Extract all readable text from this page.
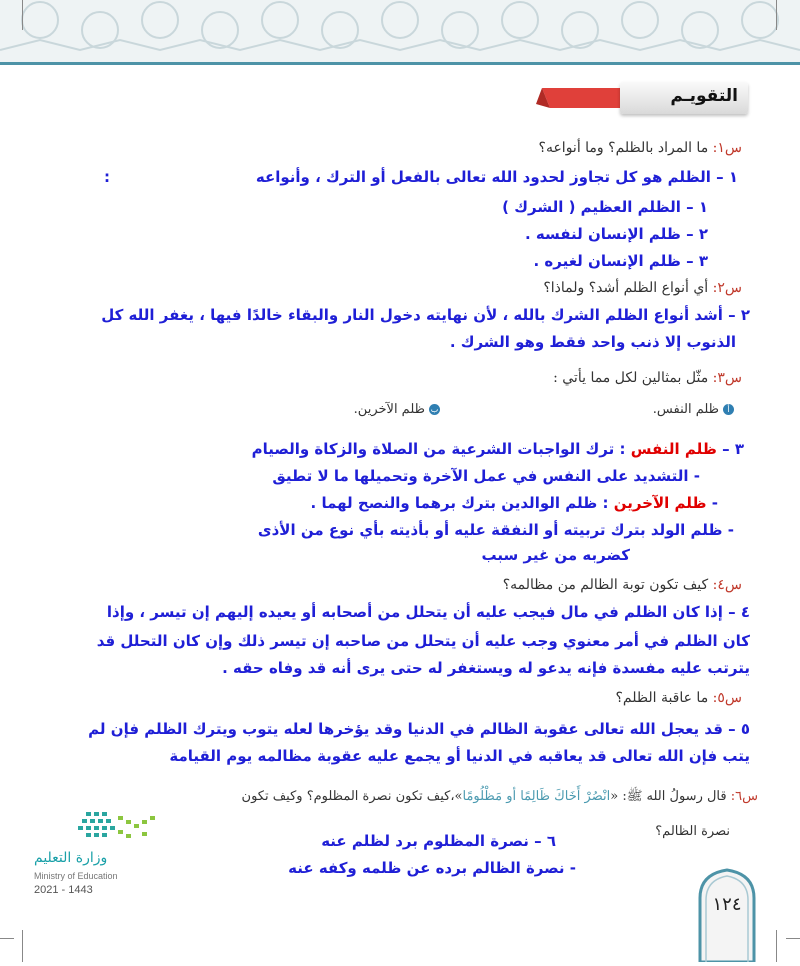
التقويـم
س١: ما المراد بالظلم؟ وما أنواعه؟
١ – الظلم هو كل تجاوز لحدود الله تعالى بالفعل أو الترك ، وأنواعه
:
١ – الظلم العظيم ( الشرك )
٢ – ظلم الإنسان لنفسه .
٣ – ظلم الإنسان لغيره .
س٢: أي أنواع الظلم أشد؟ ولماذا؟
٢ – أشد أنواع الظلم الشرك بالله ، لأن نهايته دخول النار والبقاء خالدًا فيها ، يغفر الله كل
الذنوب إلا ذنب واحد فقط وهو الشرك .
س٣: مثّل بمثالين لكل مما يأتي :
أظلم النفس.
بظلم الآخرين.
٣ – ظلم النفس : ترك الواجبات الشرعية من الصلاة والزكاة والصيام
- التشديد على النفس في عمل الآخرة وتحميلها ما لا تطيق
- ظلم الآخرين : ظلم الوالدين بترك برهما والنصح لهما .
- ظلم الولد بترك تربيته أو النفقة عليه أو بأذيته بأي نوع من الأذى
كضربه من غير سبب
س٤: كيف تكون توبة الظالم من مظالمه؟
٤ – إذا كان الظلم في مال فيجب عليه أن يتحلل من أصحابه أو يعيده إليهم إن تيسر ، وإذا
كان الظلم في أمر معنوي وجب عليه أن يتحلل من صاحبه إن تيسر ذلك وإن كان التحلل قد
يترتب عليه مفسدة فإنه يدعو له ويستغفر له حتى يرى أنه قد وفاه حقه .
س٥: ما عاقبة الظلم؟
٥ – قد يعجل الله تعالى عقوبة الظالم في الدنيا وقد يؤخرها لعله يتوب ويترك الظلم فإن لم
يتب فإن الله تعالى قد يعاقبه في الدنيا أو يجمع عليه عقوبة مظالمه يوم القيامة
س٦: قال رسولُ الله ﷺ: «انْصُرْ أَخَاكَ ظَالِمًا أو مَظْلُومًا»،كيف تكون نصرة المظلوم؟ وكيف تكون
نصرة الظالم؟
٦ – نصرة المظلوم برد لظلم عنه
- نصرة الظالم برده عن ظلمه وكفه عنه
وزارة التعليم
Ministry of Education
2021 - 1443
١٢٤
